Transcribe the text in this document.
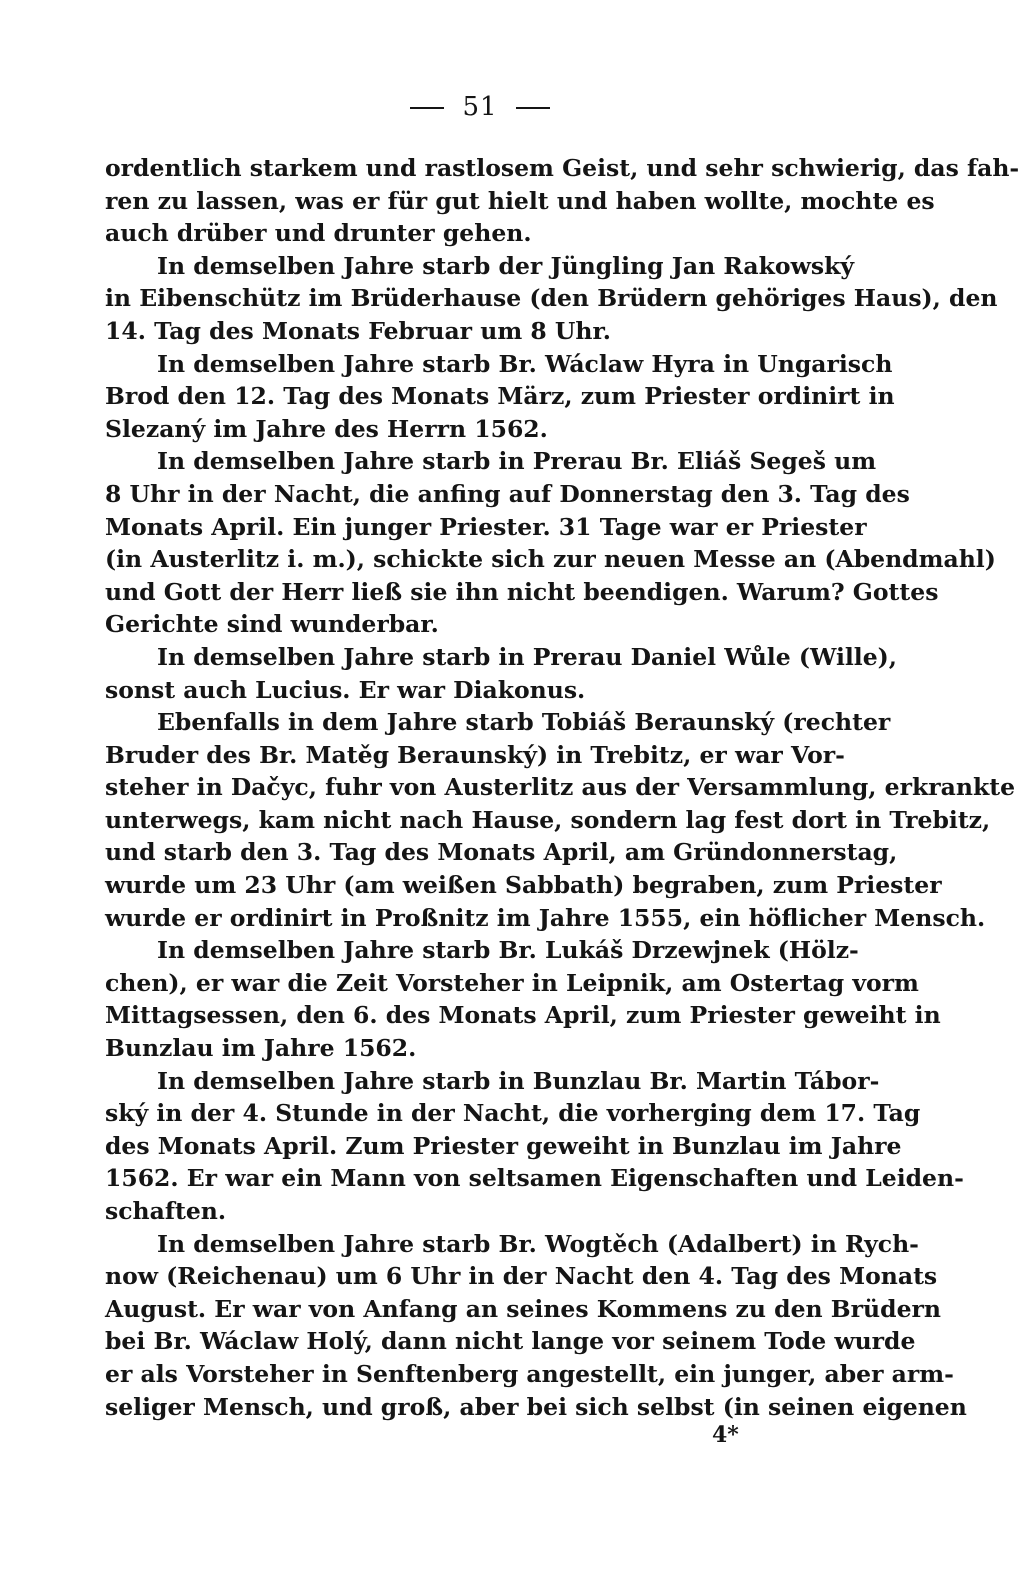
51
ordentlich starkem und rastlosem Geist, und sehr schwierig, das fah-
ren zu lassen, was er für gut hielt und haben wollte, mochte es
auch drüber und drunter gehen.
In demselben Jahre starb der Jüngling Jan Rakowský
in Eibenschütz im Brüderhause (den Brüdern gehöriges Haus), den
14. Tag des Monats Februar um 8 Uhr.
In demselben Jahre starb Br. Wáclaw Hyra in Ungarisch
Brod den 12. Tag des Monats März, zum Priester ordinirt in
Slezaný im Jahre des Herrn 1562.
In demselben Jahre starb in Prerau Br. Eliáš Segeš um
8 Uhr in der Nacht, die anfing auf Donnerstag den 3. Tag des
Monats April. Ein junger Priester. 31 Tage war er Priester
(in Austerlitz i. m.), schickte sich zur neuen Messe an (Abendmahl)
und Gott der Herr ließ sie ihn nicht beendigen. Warum? Gottes
Gerichte sind wunderbar.
In demselben Jahre starb in Prerau Daniel Wůle (Wille),
sonst auch Lucius. Er war Diakonus.
Ebenfalls in dem Jahre starb Tobiáš Beraunský (rechter
Bruder des Br. Matěg Beraunský) in Trebitz, er war Vor-
steher in Dačyc, fuhr von Austerlitz aus der Versammlung, erkrankte
unterwegs, kam nicht nach Hause, sondern lag fest dort in Trebitz,
und starb den 3. Tag des Monats April, am Gründonnerstag,
wurde um 23 Uhr (am weißen Sabbath) begraben, zum Priester
wurde er ordinirt in Proßnitz im Jahre 1555, ein höflicher Mensch.
In demselben Jahre starb Br. Lukáš Drzewjnek (Hölz-
chen), er war die Zeit Vorsteher in Leipnik, am Ostertag vorm
Mittagsessen, den 6. des Monats April, zum Priester geweiht in
Bunzlau im Jahre 1562.
In demselben Jahre starb in Bunzlau Br. Martin Tábor-
ský in der 4. Stunde in der Nacht, die vorherging dem 17. Tag
des Monats April. Zum Priester geweiht in Bunzlau im Jahre
1562. Er war ein Mann von seltsamen Eigenschaften und Leiden-
schaften.
In demselben Jahre starb Br. Wogtěch (Adalbert) in Rych-
now (Reichenau) um 6 Uhr in der Nacht den 4. Tag des Monats
August. Er war von Anfang an seines Kommens zu den Brüdern
bei Br. Wáclaw Holý, dann nicht lange vor seinem Tode wurde
er als Vorsteher in Senftenberg angestellt, ein junger, aber arm-
seliger Mensch, und groß, aber bei sich selbst (in seinen eigenen
4*
